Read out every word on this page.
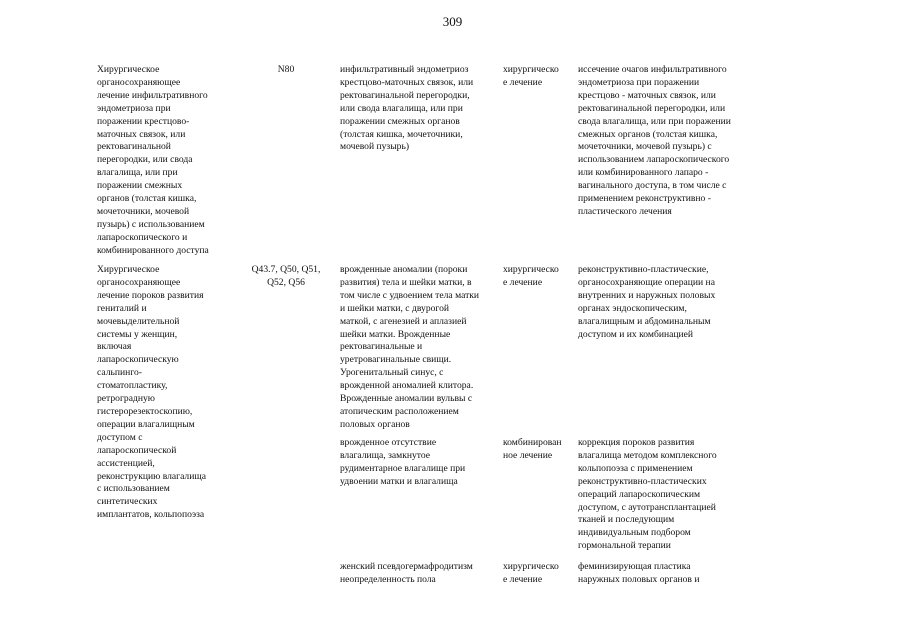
309
Хирургическое
органосохраняющее
лечение инфильтративного
эндометриоза при
поражении крестцово-
маточных связок, или
ректовагинальной
перегородки, или свода
влагалища, или при
поражении смежных
органов (толстая кишка,
мочеточники, мочевой
пузырь) с использованием
лапароскопического и
комбинированного доступа
N80	инфильтративный эндометриоз
крестцово-маточных связок, или
ректовагинальной перегородки,
или свода влагалища, или при
поражении смежных органов
(толстая кишка, мочеточники,
мочевой пузырь)
хирургическо
е лечение
иссечение очагов инфильтративного
эндометриоза при поражении
крестцово - маточных связок, или
ректовагинальной перегородки, или
свода влагалища, или при поражении
смежных органов (толстая кишка,
мочеточники, мочевой пузырь) с
использованием лапароскопического
или комбинированного лапаро -
вагинального доступа, в том числе с
применением реконструктивно -
пластического лечения
Хирургическое
органосохраняющее
лечение пороков развития
гениталий и
мочевыделительной
системы у женщин,
включая
лапароскопическую
сальпинго-
стоматопластику,
ретроградную
гистерорезектоскопию,
операции влагалищным
доступом с
лапароскопической
ассистенцией,
реконструкцию влагалища
с использованием
синтетических
имплантатов, кольпопоэза
Q43.7, Q50, Q51,
Q52, Q56
врожденные аномалии (пороки
развития) тела и шейки матки, в
том числе с удвоением тела матки
и шейки матки, с двурогой
маткой, с агенезией и аплазией
шейки матки. Врожденные
ректовагинальные и
уретровагинальные свищи.
Урогенитальный синус, с
врожденной аномалией клитора.
Врожденные аномалии вульвы с
атопическим расположением
половых органов
хирургическо
е лечение
реконструктивно-пластические,
органосохраняющие операции на
внутренних и наружных половых
органах эндоскопическим,
влагалищным и абдоминальным
доступом и их комбинацией
врожденное отсутствие
влагалища, замкнутое
рудиментарное влагалище при
удвоении матки и влагалища
комбинирован
ное лечение
коррекция пороков развития
влагалища методом комплексного
кольпопоэза с применением
реконструктивно-пластических
операций лапароскопическим
доступом, с аутотрансплантацией
тканей и последующим
индивидуальным подбором
гормональной терапии
женский псевдогермафродитизм
неопределенность пола
хирургическо
е лечение
феминизирующая пластика
наружных половых органов и
